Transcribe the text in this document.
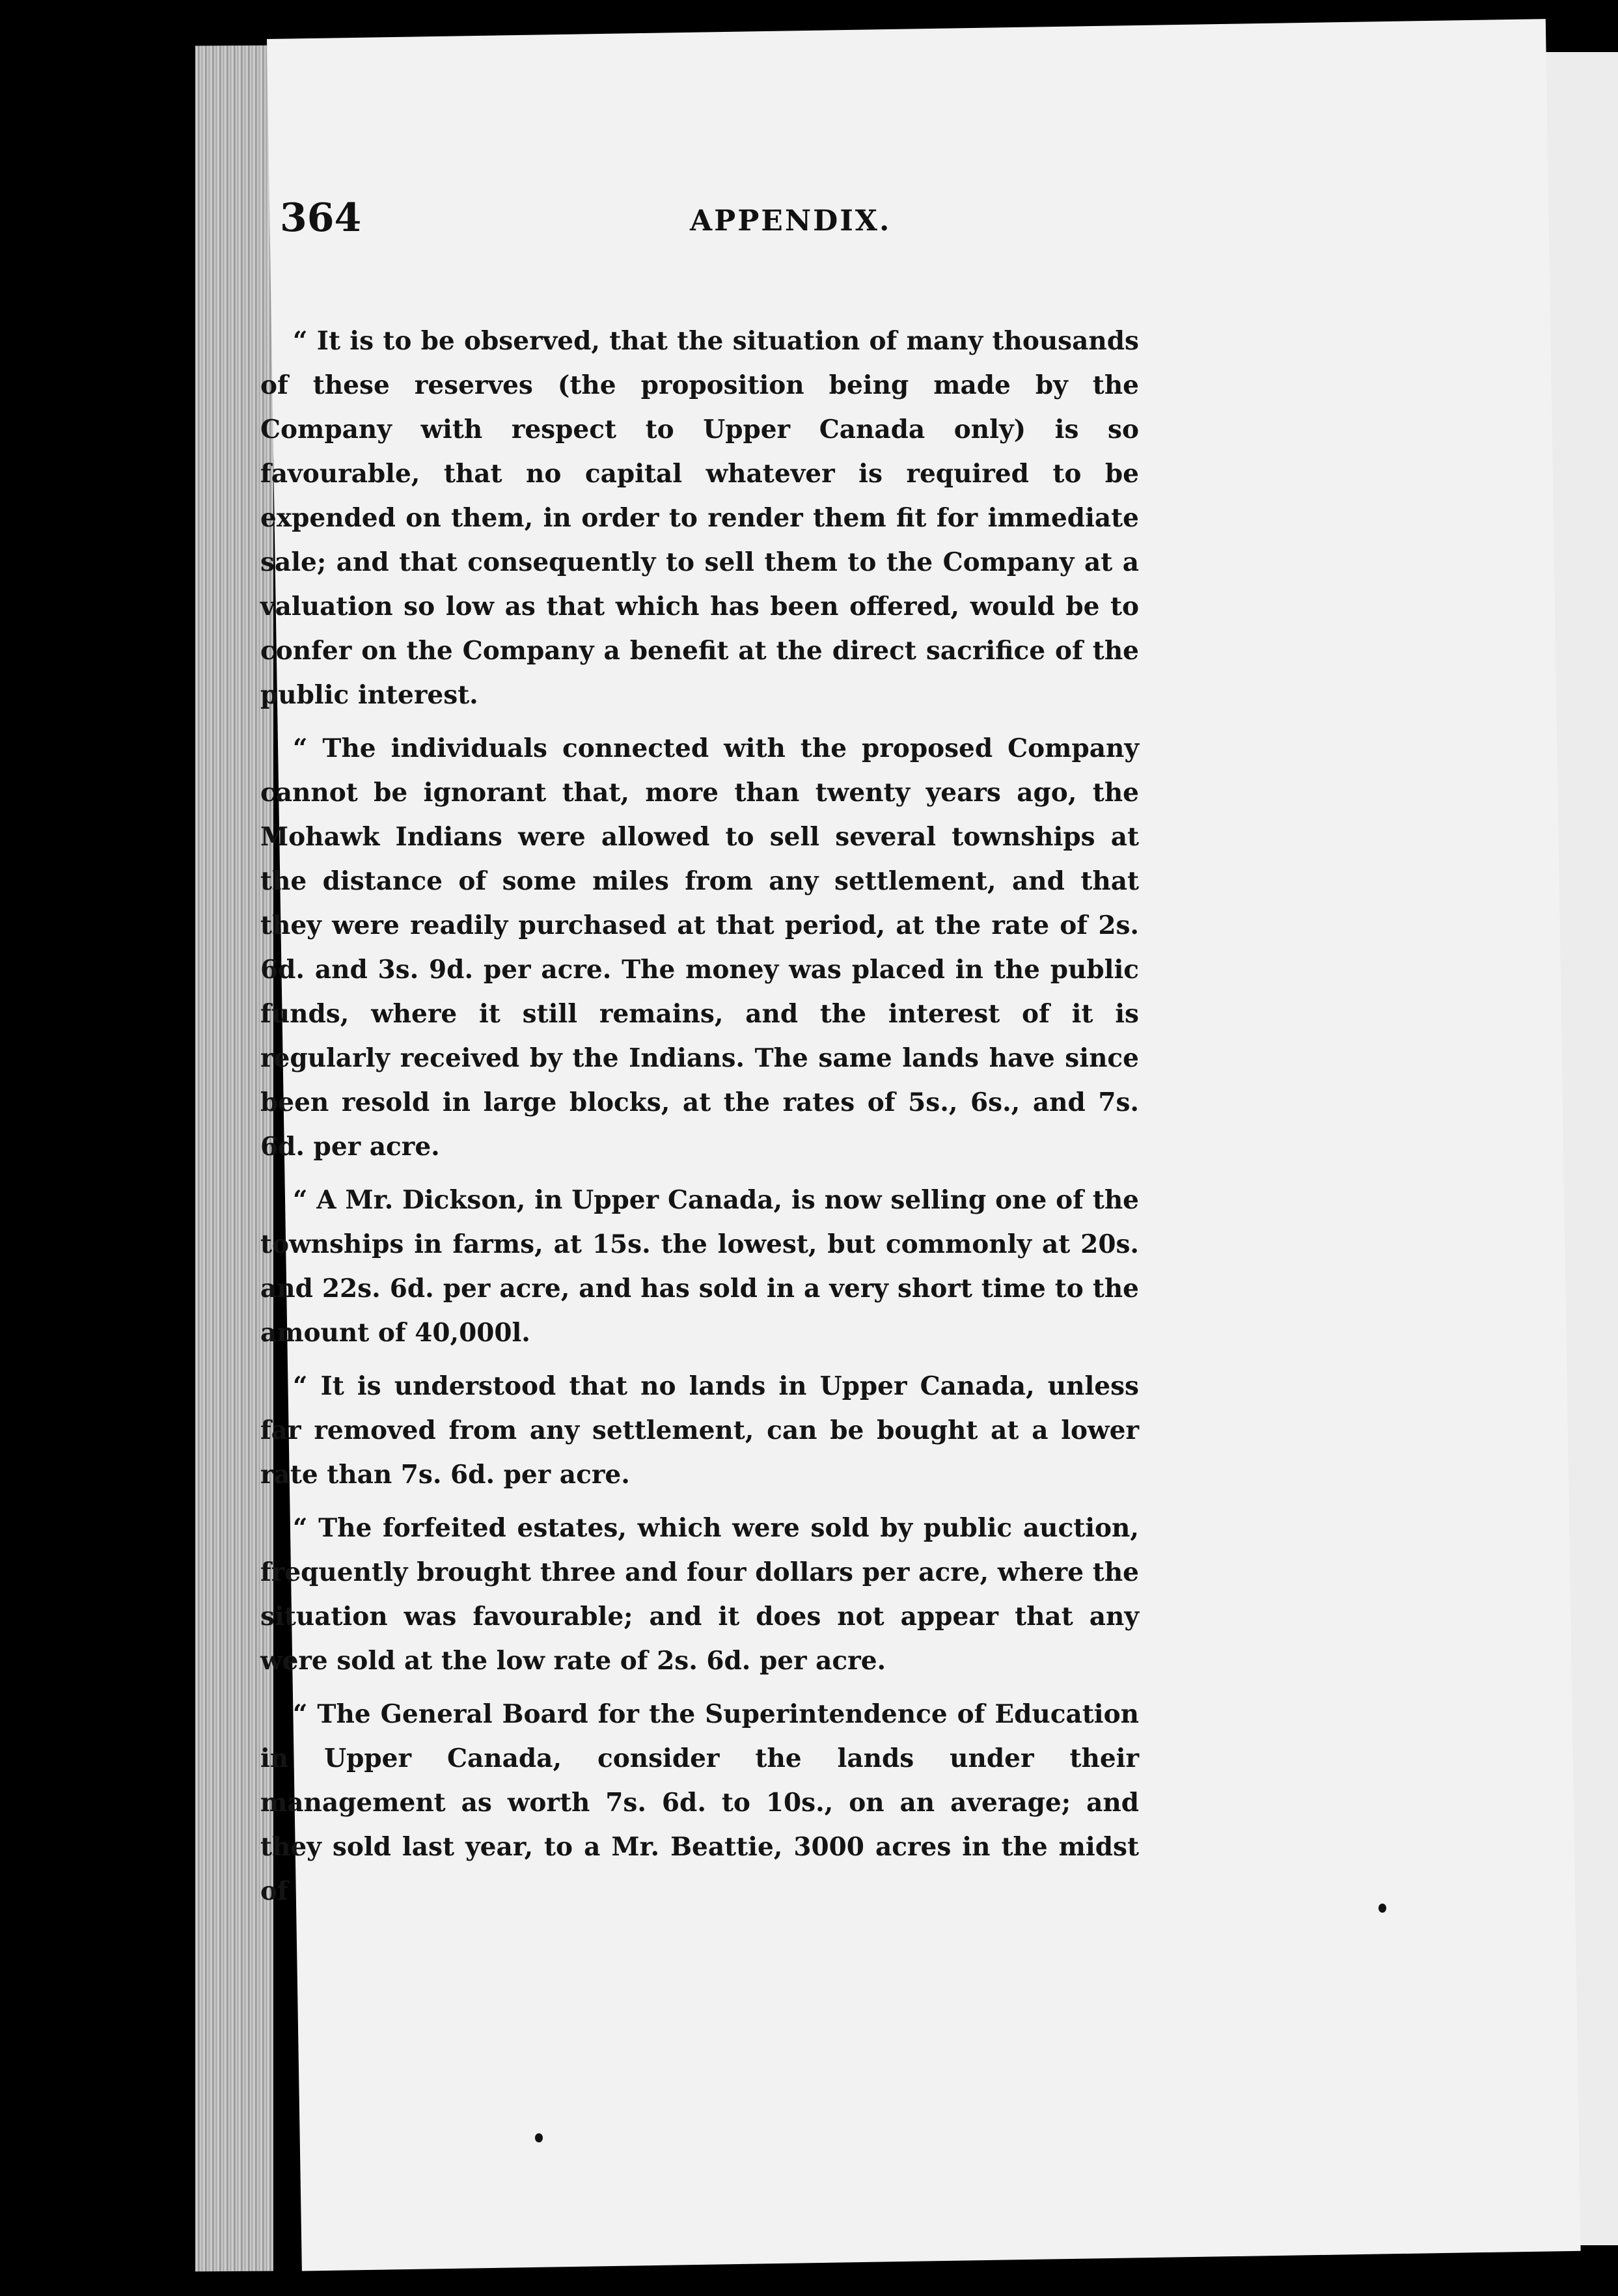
364	APPENDIX.

“ It is to be observed, that the situation of many thousands of these reserves (the proposition being made by the Company with respect to Upper Canada only) is so favourable, that no capital whatever is required to be expended on them, in order to render them fit for immediate sale; and that consequently to sell them to the Company at a valuation so low as that which has been offered, would be to confer on the Company a benefit at the direct sacrifice of the public interest.

“ The individuals connected with the proposed Company cannot be ignorant that, more than twenty years ago, the Mohawk Indians were allowed to sell several townships at the distance of some miles from any settlement, and that they were readily purchased at that period, at the rate of 2s. 6d. and 3s. 9d. per acre. The money was placed in the public funds, where it still remains, and the interest of it is regularly received by the Indians. The same lands have since been resold in large blocks, at the rates of 5s., 6s., and 7s. 6d. per acre.

“ A Mr. Dickson, in Upper Canada, is now selling one of the townships in farms, at 15s. the lowest, but commonly at 20s. and 22s. 6d. per acre, and has sold in a very short time to the amount of 40,000l.

“ It is understood that no lands in Upper Canada, unless far removed from any settlement, can be bought at a lower rate than 7s. 6d. per acre.

“ The forfeited estates, which were sold by public auction, frequently brought three and four dollars per acre, where the situation was favourable; and it does not appear that any were sold at the low rate of 2s. 6d. per acre.

“ The General Board for the Superintendence of Education in Upper Canada, consider the lands under their management as worth 7s. 6d. to 10s., on an average; and they sold last year, to a Mr. Beattie, 3000 acres in the midst of
